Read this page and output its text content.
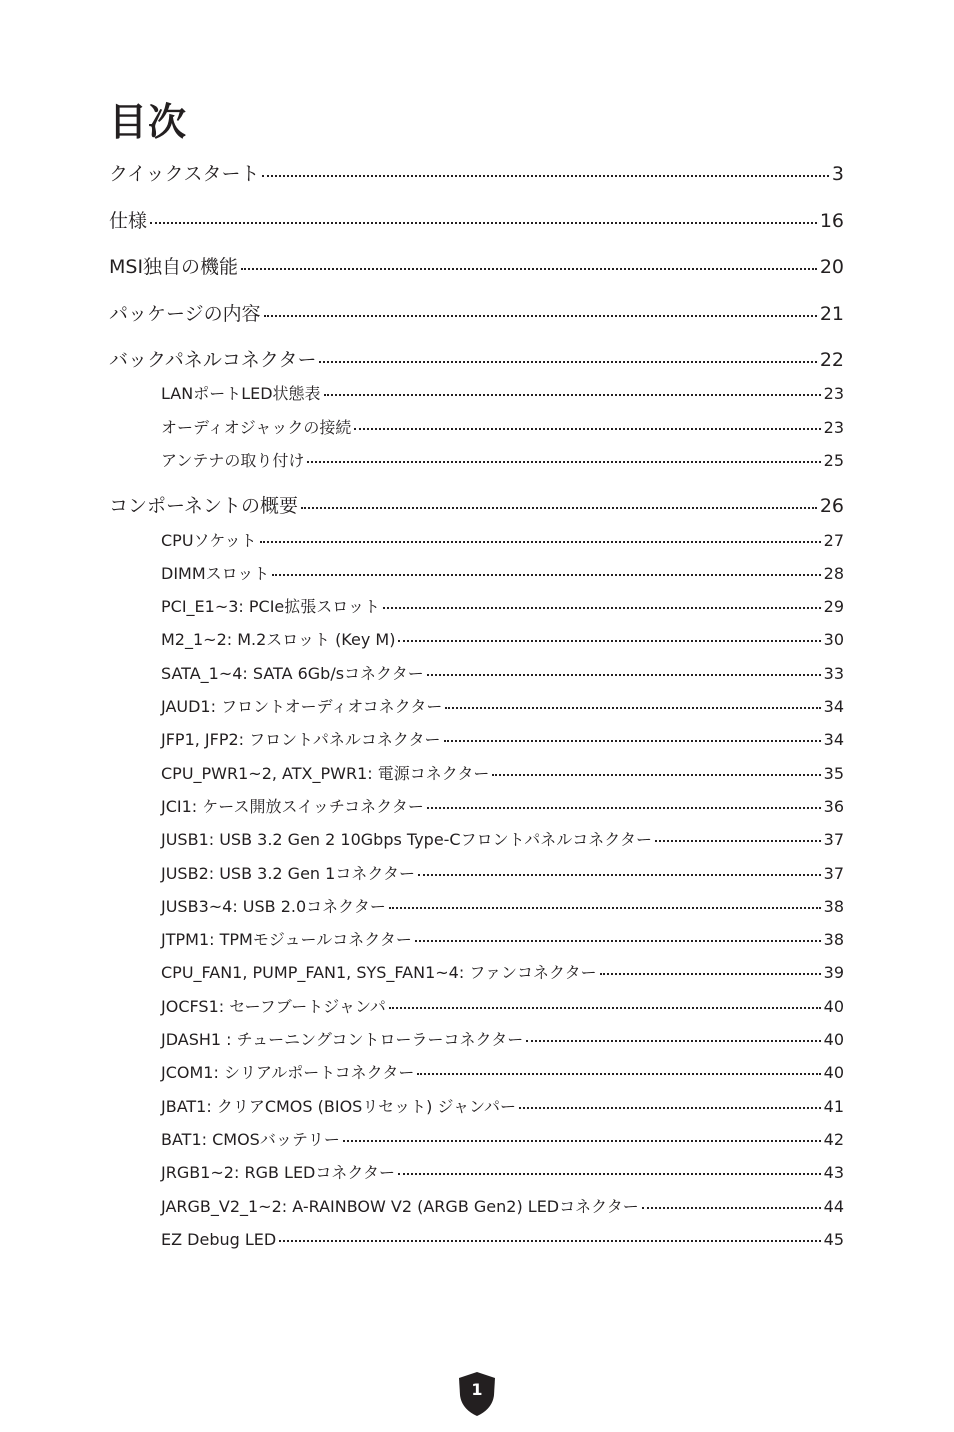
目次
クイックスタート	3
仕様	16
MSI独自の機能	20
パッケージの内容	21
バックパネルコネクター	22
LANポートLED状態表	23
オーディオジャックの接続	23
アンテナの取り付け	25
コンポーネントの概要	26
CPUソケット	27
DIMMスロット	28
PCI_E1~3: PCIe拡張スロット	29
M2_1~2: M.2スロット (Key M)	30
SATA_1~4: SATA 6Gb/sコネクター	33
JAUD1: フロントオーディオコネクター	34
JFP1, JFP2: フロントパネルコネクター	34
CPU_PWR1~2, ATX_PWR1: 電源コネクター	35
JCI1: ケース開放スイッチコネクター	36
JUSB1: USB 3.2 Gen 2 10Gbps Type-Cフロントパネルコネクター	37
JUSB2: USB 3.2 Gen 1コネクター	37
JUSB3~4: USB 2.0コネクター	38
JTPM1: TPMモジュールコネクター	38
CPU_FAN1, PUMP_FAN1, SYS_FAN1~4: ファンコネクター	39
JOCFS1: セーフブートジャンパ	40
JDASH1 : チューニングコントローラーコネクター	40
JCOM1: シリアルポートコネクター	40
JBAT1: クリアCMOS (BIOSリセット) ジャンパー	41
BAT1: CMOSバッテリー	42
JRGB1~2: RGB LEDコネクター	43
JARGB_V2_1~2: A-RAINBOW V2 (ARGB Gen2) LEDコネクター	44
EZ Debug LED	45
1
